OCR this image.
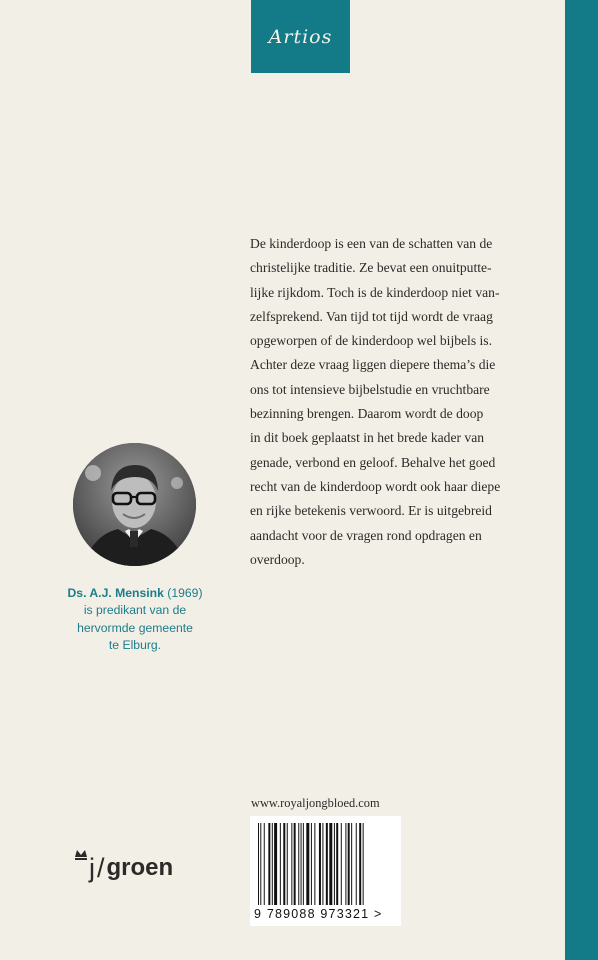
Artios
De kinderdoop is een van de schatten van de
christelijke traditie. Ze bevat een onuitputte-
lijke rijkdom. Toch is de kinderdoop niet van-
zelfsprekend. Van tijd tot tijd wordt de vraag
opgeworpen of de kinderdoop wel bijbels is.
Achter deze vraag liggen diepere thema’s die
ons tot intensieve bijbelstudie en vruchtbare
bezinning brengen. Daarom wordt de doop
in dit boek geplaatst in het brede kader van
genade, verbond en geloof. Behalve het goed
recht van de kinderdoop wordt ook haar diepe
en rijke betekenis verwoord. Er is uitgebreid
aandacht voor de vragen rond opdragen en
overdoop.
Ds. A.J. Mensink (1969)
is predikant van de
hervormde gemeente
te Elburg.
www.royaljongbloed.com
9 789088 973321 >
j / groen
